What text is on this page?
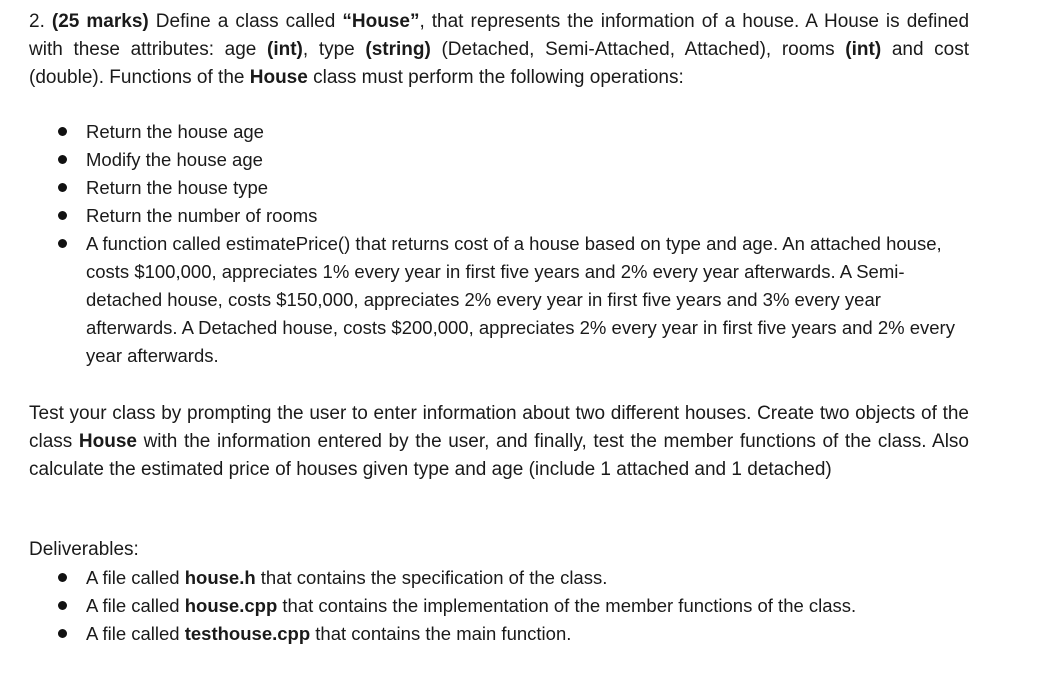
2. (25 marks) Define a class called “House”, that represents the information of a house. A House is defined with these attributes: age (int), type (string) (Detached, Semi-Attached, Attached), rooms (int) and cost (double). Functions of the House class must perform the following operations:

Return the house age
Modify the house age
Return the house type
Return the number of rooms
A function called estimatePrice() that returns cost of a house based on type and age. An attached house, costs $100,000, appreciates 1% every year in first five years and 2% every year afterwards. A Semi-detached house, costs $150,000, appreciates 2% every year in first five years and 3% every year afterwards. A Detached house, costs $200,000, appreciates 2% every year in first five years and 2% every year afterwards.

Test your class by prompting the user to enter information about two different houses. Create two objects of the class House with the information entered by the user, and finally, test the member functions of the class. Also calculate the estimated price of houses given type and age (include 1 attached and 1 detached)

Deliverables:

A file called house.h that contains the specification of the class.
A file called house.cpp that contains the implementation of the member functions of the class.
A file called testhouse.cpp that contains the main function.
